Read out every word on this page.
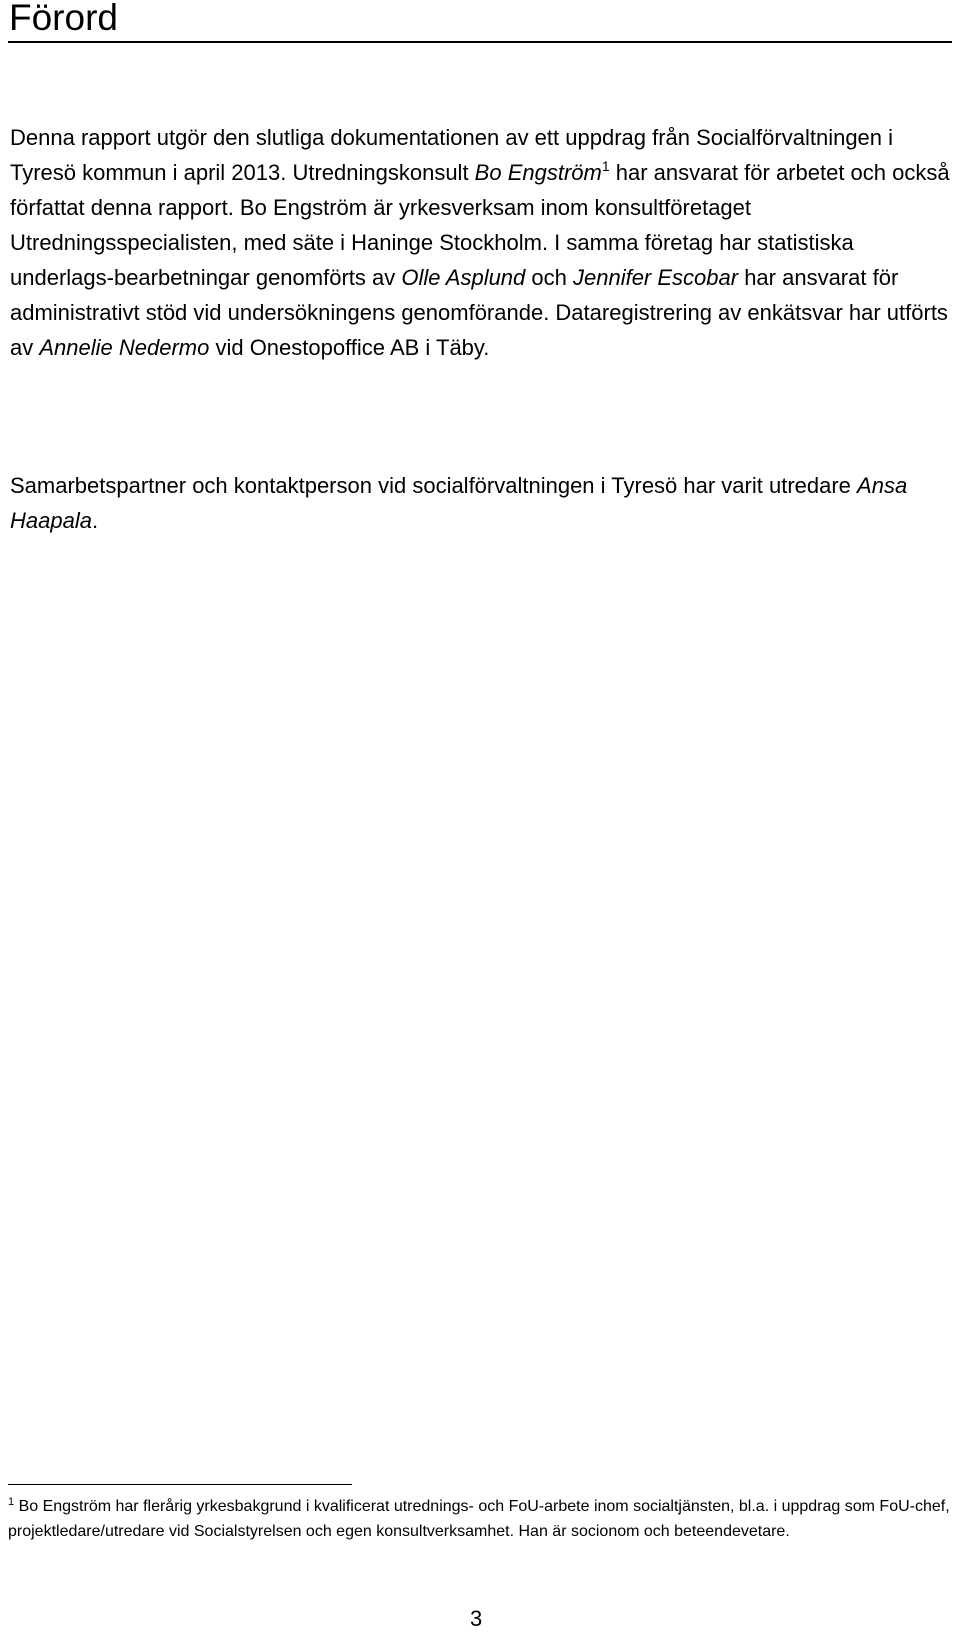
Förord

Denna rapport utgör den slutliga dokumentationen av ett uppdrag från Socialförvaltningen i Tyresö kommun i april 2013. Utredningskonsult Bo Engström$^1$ har ansvarat för arbetet och också författat denna rapport. Bo Engström är yrkesverksam inom konsultföretaget Utredningsspecialisten, med säte i Haninge Stockholm. I samma företag har statistiska underlags-bearbetningar genomförts av Olle Asplund och Jennifer Escobar har ansvarat för administrativt stöd vid undersökningens genomförande. Dataregistrering av enkätsvar har utförts av Annelie Nedermo vid Onestopoffice AB i Täby.

Samarbetspartner och kontaktperson vid socialförvaltningen i Tyresö har varit utredare Ansa Haapala.

$^1$ Bo Engström har flerårig yrkesbakgrund i kvalificerat utrednings- och FoU-arbete inom socialtjänsten, bl.a. i uppdrag som FoU-chef, projektledare/utredare vid Socialstyrelsen och egen konsultverksamhet. Han är socionom och beteendevetare.

3
